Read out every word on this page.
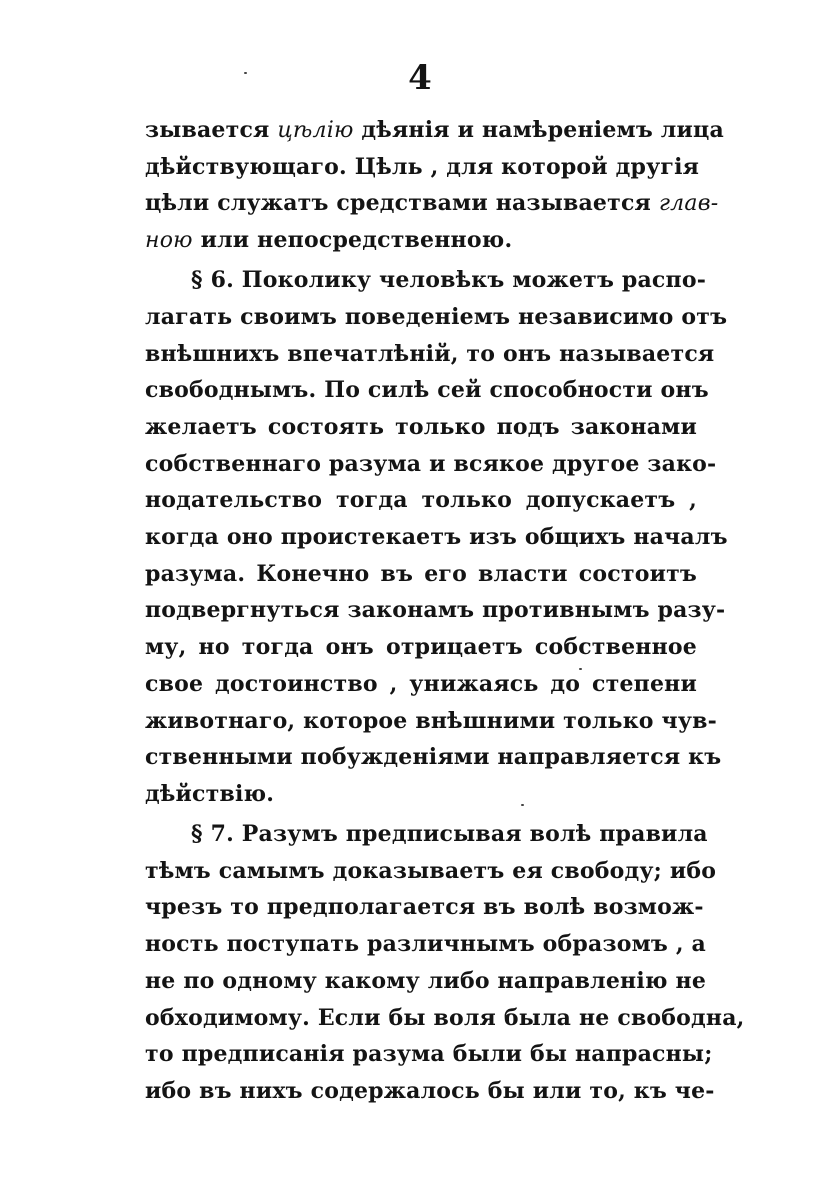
4
зывается цѣлію дѣянія и намѣреніемъ лица
дѣйствующаго. Цѣль , для которой другія
цѣли служатъ средствами называется глав-
ною или непосредственною.
§ 6. Поколику человѣкъ можетъ распо-
лагать своимъ поведеніемъ независимо отъ
внѣшнихъ впечатлѣній, то онъ называется
свободнымъ. По силѣ сей способности онъ
желаетъ состоять только подъ законами
собственнаго разума и всякое другое зако-
нодательство тогда только допускаетъ ,
когда оно проистекаетъ изъ общихъ началъ
разума. Конечно въ его власти состоитъ
подвергнуться законамъ противнымъ разу-
му, но тогда онъ отрицаетъ собственное
свое достоинство , унижаясь до степени
животнаго, которое внѣшними только чув-
ственными побужденіями направляется къ
дѣйствію.
§ 7. Разумъ предписывая волѣ правила
тѣмъ самымъ доказываетъ ея свободу; ибо
чрезъ то предполагается въ волѣ возмож-
ность поступать различнымъ образомъ , а
не по одному какому либо направленію не
обходимому. Если бы воля была не свободна,
то предписанія разума были бы напрасны;
ибо въ нихъ содержалось бы или то, къ че-
